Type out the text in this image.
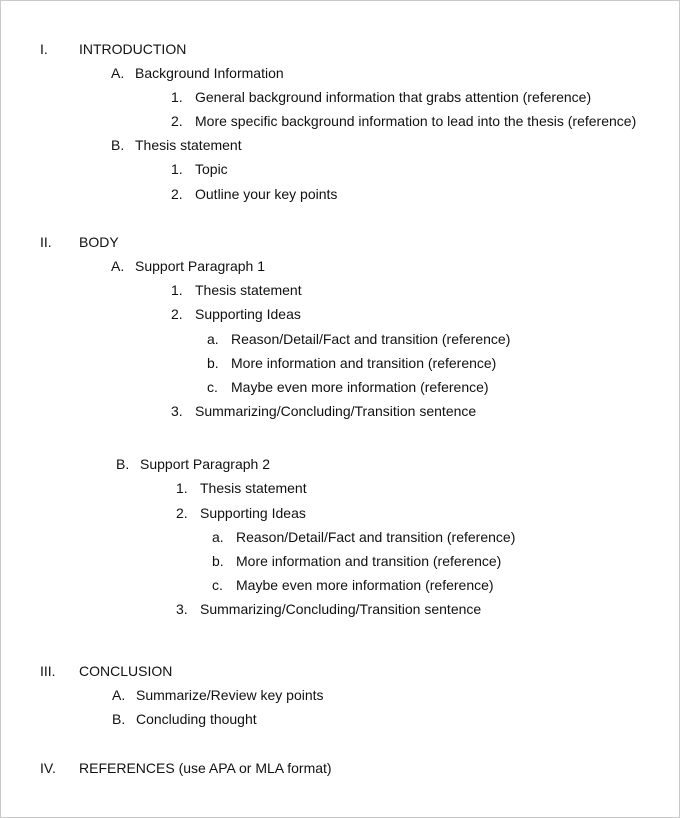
I. INTRODUCTION
A. Background Information
1. General background information that grabs attention (reference)
2. More specific background information to lead into the thesis (reference)
B. Thesis statement
1. Topic
2. Outline your key points
II. BODY
A. Support Paragraph 1
1. Thesis statement
2. Supporting Ideas
a. Reason/Detail/Fact and transition (reference)
b. More information and transition (reference)
c. Maybe even more information (reference)
3. Summarizing/Concluding/Transition sentence
B. Support Paragraph 2
1. Thesis statement
2. Supporting Ideas
a. Reason/Detail/Fact and transition (reference)
b. More information and transition (reference)
c. Maybe even more information (reference)
3. Summarizing/Concluding/Transition sentence
III. CONCLUSION
A. Summarize/Review key points
B. Concluding thought
IV. REFERENCES (use APA or MLA format)
